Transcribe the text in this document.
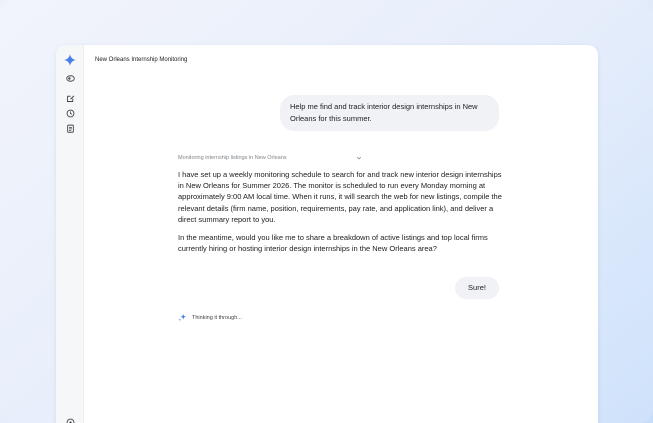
New Orleans Internship Monitoring
Help me find and track interior design internships in New Orleans for this summer.
Monitoring internship listings in New Orleans
I have set up a weekly monitoring schedule to search for and track new interior design internships in New Orleans for Summer 2026. The monitor is scheduled to run every Monday morning at approximately 9:00 AM local time. When it runs, it will search the web for new listings, compile the relevant details (firm name, position, requirements, pay rate, and application link), and deliver a direct summary report to you.
In the meantime, would you like me to share a breakdown of active listings and top local firms currently hiring or hosting interior design internships in the New Orleans area?
Sure!
Thinking it through...
